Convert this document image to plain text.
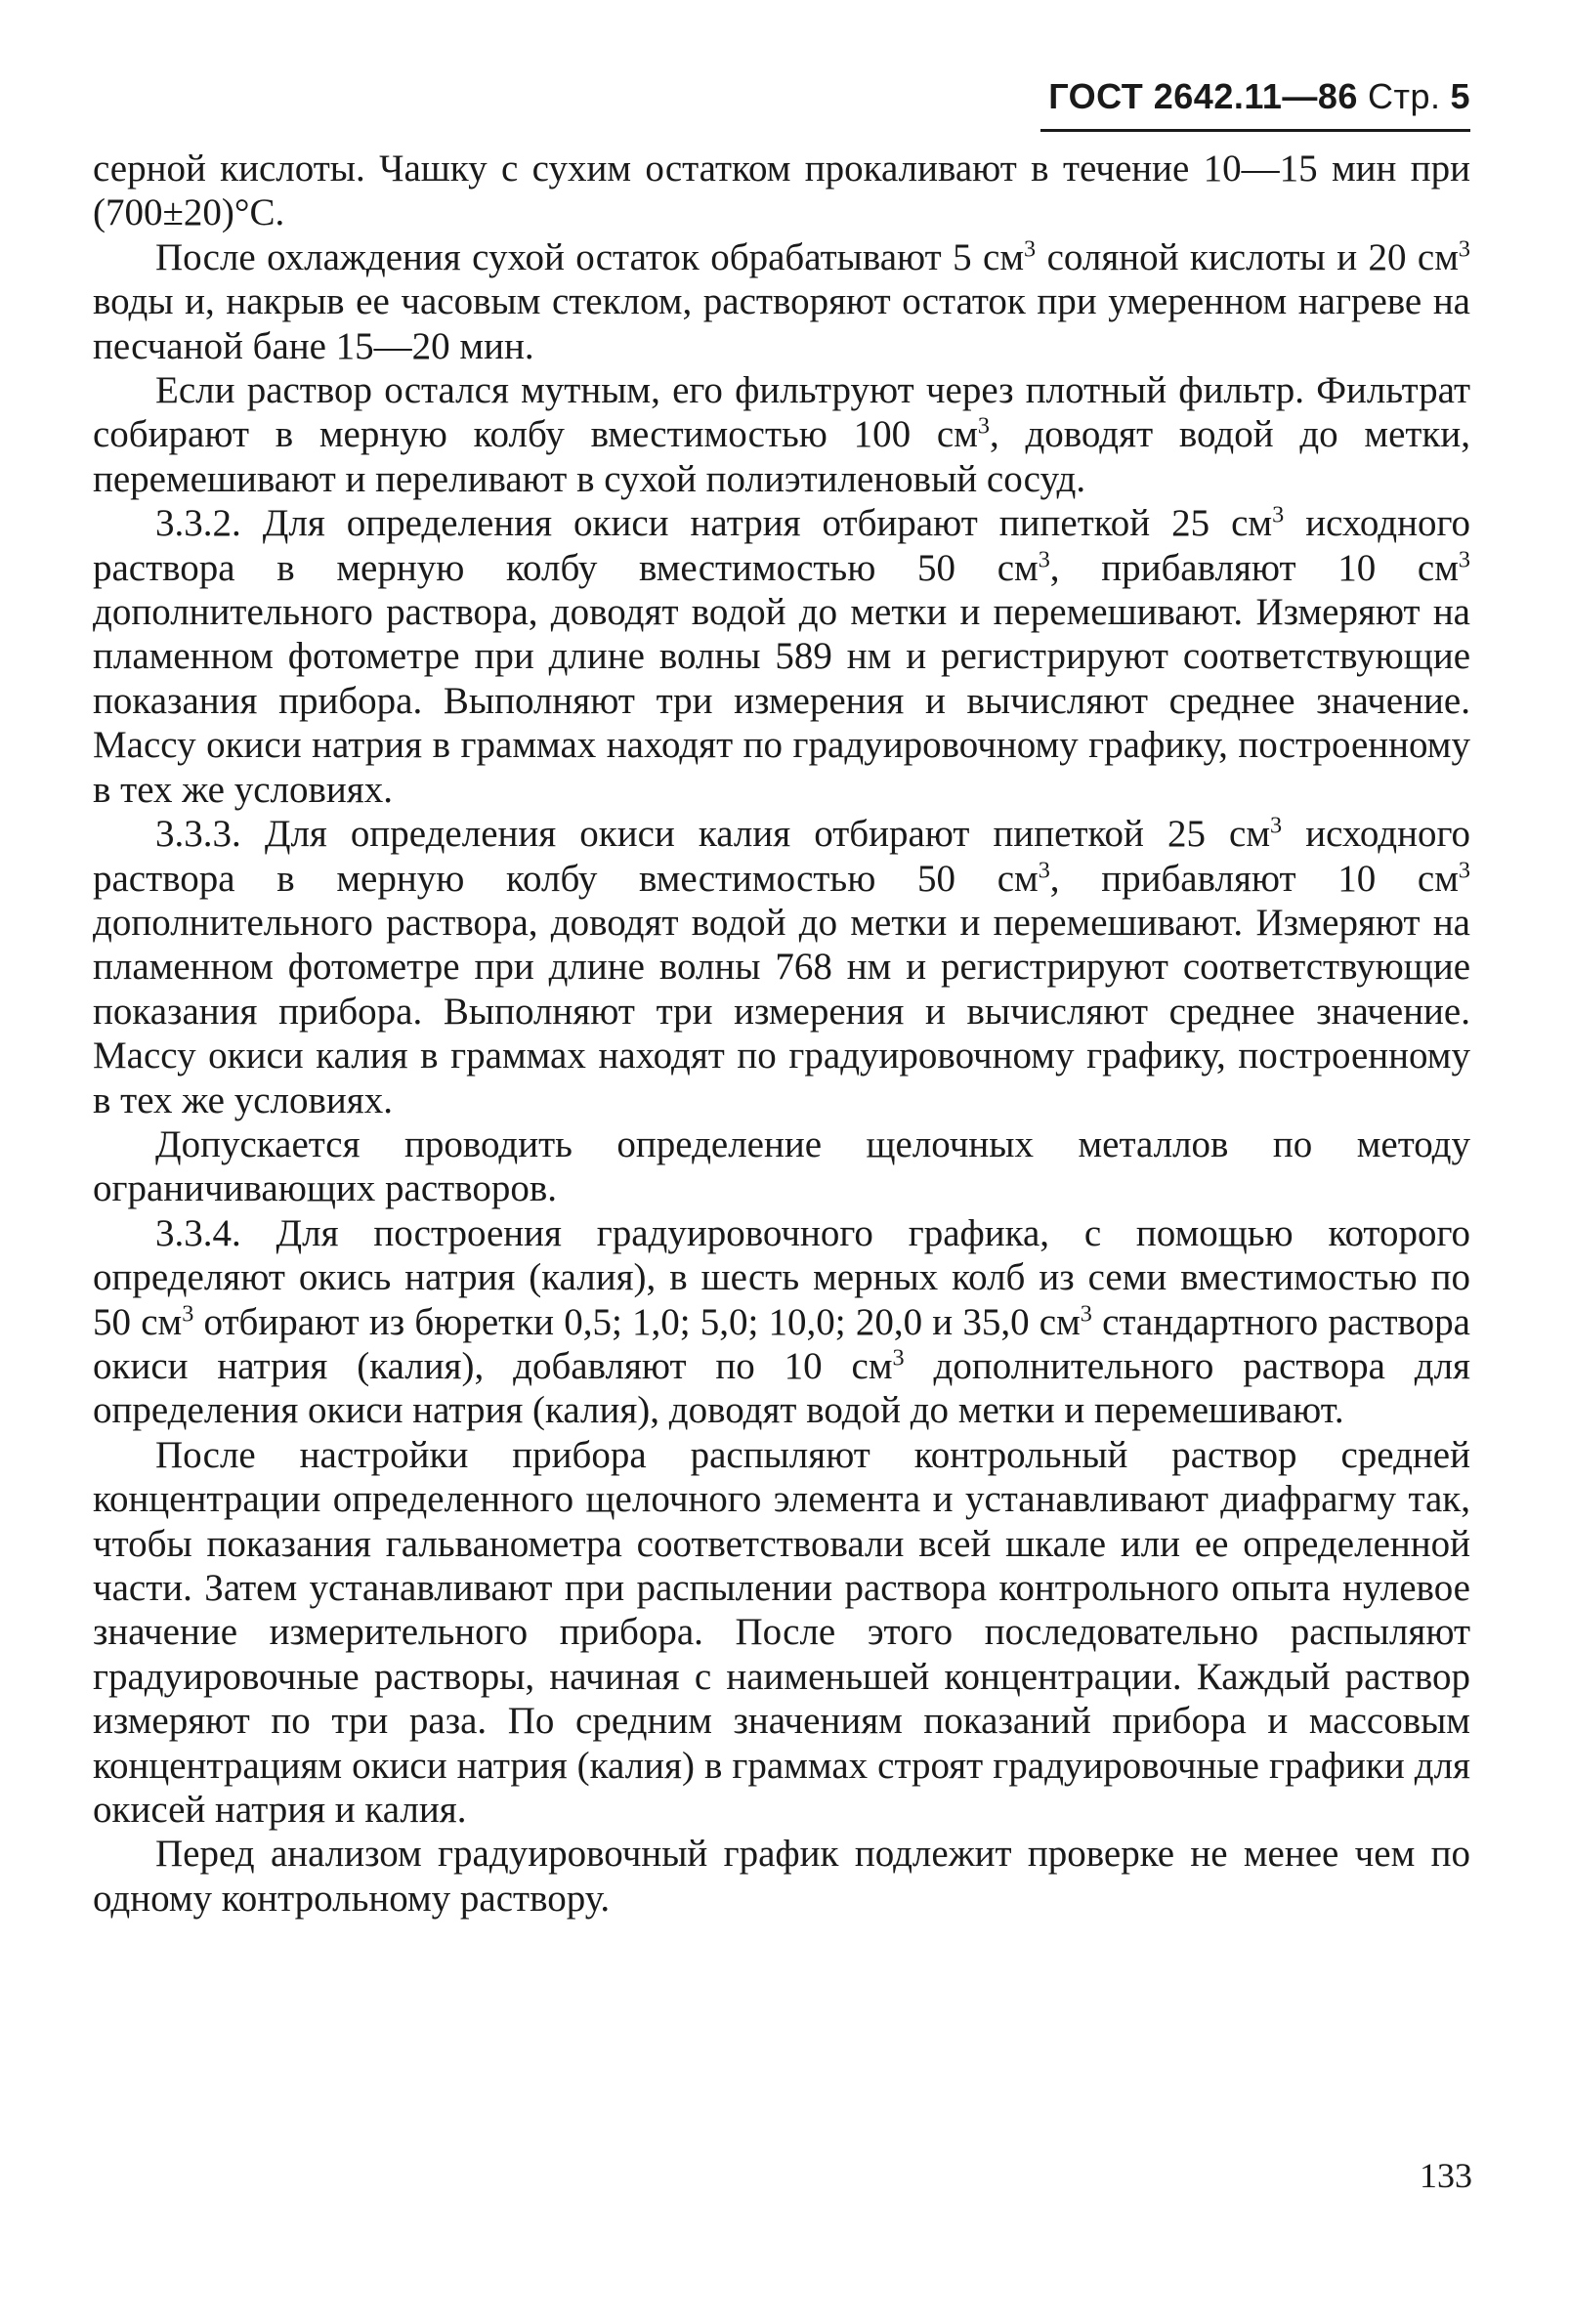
ГОСТ 2642.11—86 Стр. 5

серной кислоты. Чашку с сухим остатком прокаливают в течение 10—15 мин при (700±20)°С.

После охлаждения сухой остаток обрабатывают 5 $см^3$ соляной кислоты и 20 $см^3$ воды и, накрыв ее часовым стеклом, растворяют остаток при умеренном нагреве на песчаной бане 15—20 мин.

Если раствор остался мутным, его фильтруют через плотный фильтр. Фильтрат собирают в мерную колбу вместимостью 100 $см^3$, доводят водой до метки, перемешивают и переливают в сухой полиэтиленовый сосуд.

3.3.2. Для определения окиси натрия отбирают пипеткой 25 $см^3$ исходного раствора в мерную колбу вместимостью 50 $см^3$, прибавляют 10 $см^3$ дополнительного раствора, доводят водой до метки и перемешивают. Измеряют на пламенном фотометре при длине волны 589 нм и регистрируют соответствующие показания прибора. Выполняют три измерения и вычисляют среднее значение. Массу окиси натрия в граммах находят по градуировочному графику, построенному в тех же условиях.

3.3.3. Для определения окиси калия отбирают пипеткой 25 $см^3$ исходного раствора в мерную колбу вместимостью 50 $см^3$, прибавляют 10 $см^3$ дополнительного раствора, доводят водой до метки и перемешивают. Измеряют на пламенном фотометре при длине волны 768 нм и регистрируют соответствующие показания прибора. Выполняют три измерения и вычисляют среднее значение. Массу окиси калия в граммах находят по градуировочному графику, построенному в тех же условиях.

Допускается проводить определение щелочных металлов по методу ограничивающих растворов.

3.3.4. Для построения градуировочного графика, с помощью которого определяют окись натрия (калия), в шесть мерных колб из семи вместимостью по 50 $см^3$ отбирают из бюретки 0,5; 1,0; 5,0; 10,0; 20,0 и 35,0 $см^3$ стандартного раствора окиси натрия (калия), добавляют по 10 $см^3$ дополнительного раствора для определения окиси натрия (калия), доводят водой до метки и перемешивают.

После настройки прибора распыляют контрольный раствор средней концентрации определенного щелочного элемента и устанавливают диафрагму так, чтобы показания гальванометра соответствовали всей шкале или ее определенной части. Затем устанавливают при распылении раствора контрольного опыта нулевое значение измерительного прибора. После этого последовательно распыляют градуировочные растворы, начиная с наименьшей концентрации. Каждый раствор измеряют по три раза. По средним значениям показаний прибора и массовым концентрациям окиси натрия (калия) в граммах строят градуировочные графики для окисей натрия и калия.

Перед анализом градуировочный график подлежит проверке не менее чем по одному контрольному раствору.

133
